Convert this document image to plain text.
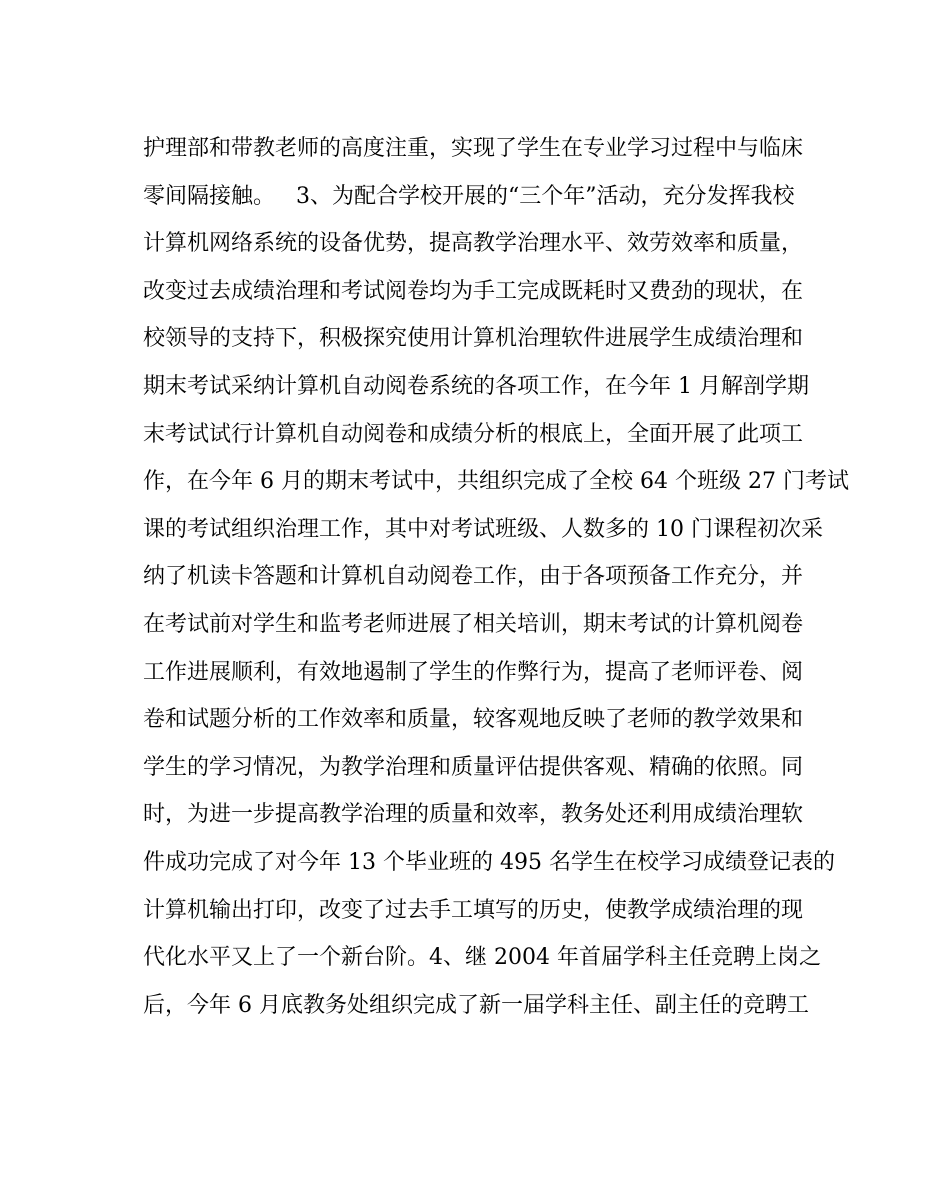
护理部和带教老师的高度注重，实现了学生在专业学习过程中与临床
零间隔接触。   3、为配合学校开展的“三个年”活动，充分发挥我校
计算机网络系统的设备优势，提高教学治理水平、效劳效率和质量，
改变过去成绩治理和考试阅卷均为手工完成既耗时又费劲的现状，在
校领导的支持下，积极探究使用计算机治理软件进展学生成绩治理和
期末考试采纳计算机自动阅卷系统的各项工作，在今年 1 月解剖学期
末考试试行计算机自动阅卷和成绩分析的根底上，全面开展了此项工
作，在今年 6 月的期末考试中，共组织完成了全校 64 个班级 27 门考试
课的考试组织治理工作，其中对考试班级、人数多的 10 门课程初次采
纳了机读卡答题和计算机自动阅卷工作，由于各项预备工作充分，并
在考试前对学生和监考老师进展了相关培训，期末考试的计算机阅卷
工作进展顺利，有效地遏制了学生的作弊行为，提高了老师评卷、阅
卷和试题分析的工作效率和质量，较客观地反映了老师的教学效果和
学生的学习情况，为教学治理和质量评估提供客观、精确的依照。同
时，为进一步提高教学治理的质量和效率，教务处还利用成绩治理软
件成功完成了对今年 13 个毕业班的 495 名学生在校学习成绩登记表的
计算机输出打印，改变了过去手工填写的历史，使教学成绩治理的现
代化水平又上了一个新台阶。4、继 2004 年首届学科主任竞聘上岗之
后，今年 6 月底教务处组织完成了新一届学科主任、副主任的竞聘工
